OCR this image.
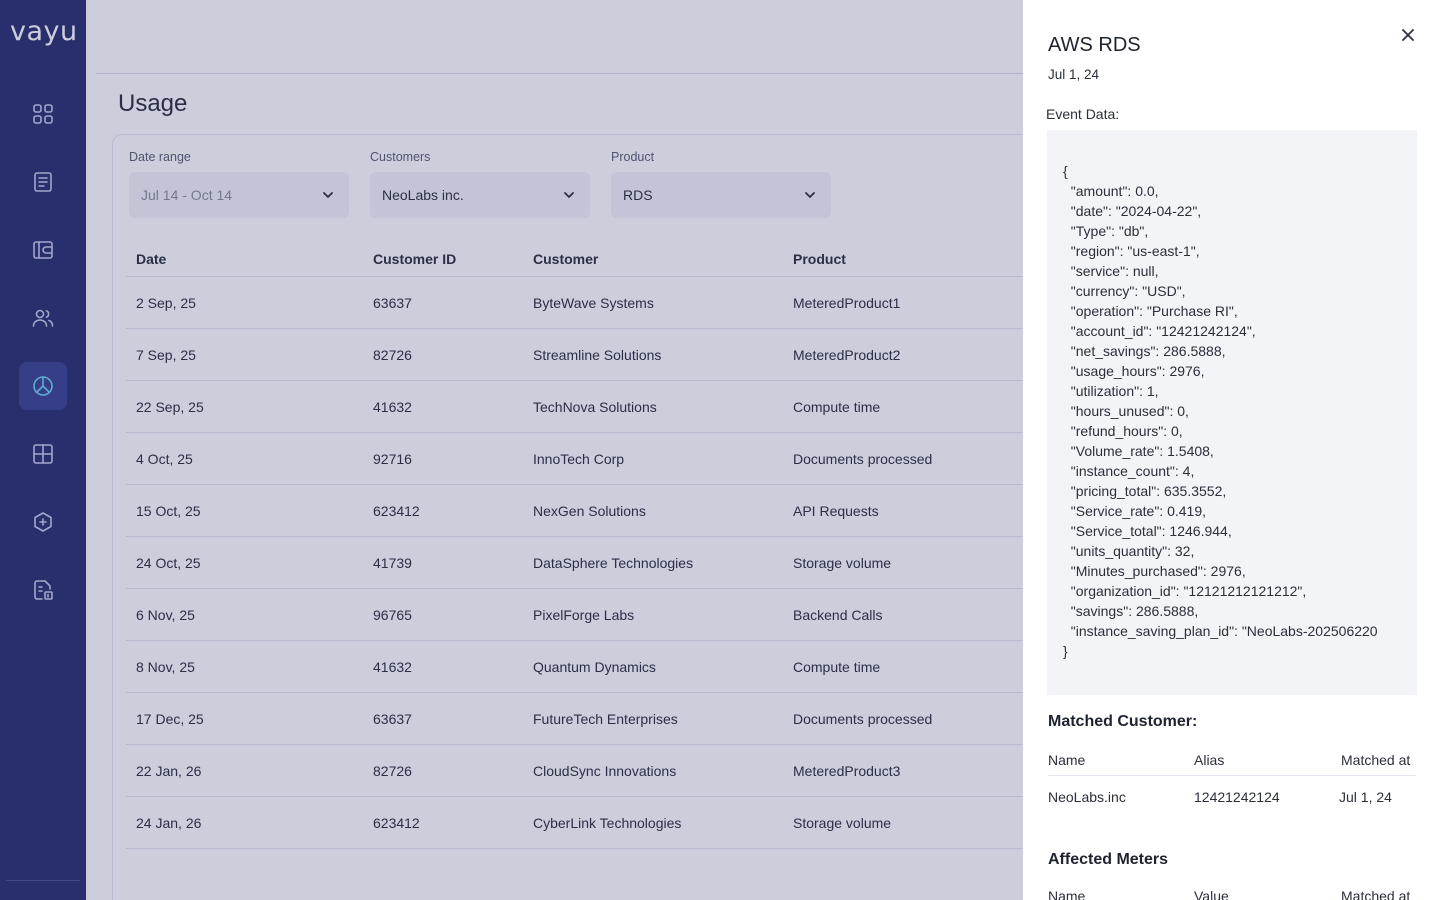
vayu
Usage
Date range
Jul 14 - Oct 14
Customers
NeoLabs inc.
Product
RDS
Date	Customer ID	Customer	Product
2 Sep, 25	63637	ByteWave Systems	MeteredProduct1
7 Sep, 25	82726	Streamline Solutions	MeteredProduct2
22 Sep, 25	41632	TechNova Solutions	Compute time
4 Oct, 25	92716	InnoTech Corp	Documents processed
15 Oct, 25	623412	NexGen Solutions	API Requests
24 Oct, 25	41739	DataSphere Technologies	Storage volume
6 Nov, 25	96765	PixelForge Labs	Backend Calls
8 Nov, 25	41632	Quantum Dynamics	Compute time
17 Dec, 25	63637	FutureTech Enterprises	Documents processed
22 Jan, 26	82726	CloudSync Innovations	MeteredProduct3
24 Jan, 26	623412	CyberLink Technologies	Storage volume
AWS RDS
Jul 1, 24
Event Data:
{
"amount": 0.0,
"date": "2024-04-22",
"Type": "db",
"region": "us-east-1",
"service": null,
"currency": "USD",
"operation": "Purchase RI",
"account_id": "12421242124",
"net_savings": 286.5888,
"usage_hours": 2976,
"utilization": 1,
"hours_unused": 0,
"refund_hours": 0,
"Volume_rate": 1.5408,
"instance_count": 4,
"pricing_total": 635.3552,
"Service_rate": 0.419,
"Service_total": 1246.944,
"units_quantity": 32,
"Minutes_purchased": 2976,
"organization_id": "12121212121212",
"savings": 286.5888,
"instance_saving_plan_id": "NeoLabs-202506220
}
Matched Customer:
Name	Alias	Matched at
NeoLabs.inc	12421242124	Jul 1, 24
Affected Meters
Name	Value	Matched at
